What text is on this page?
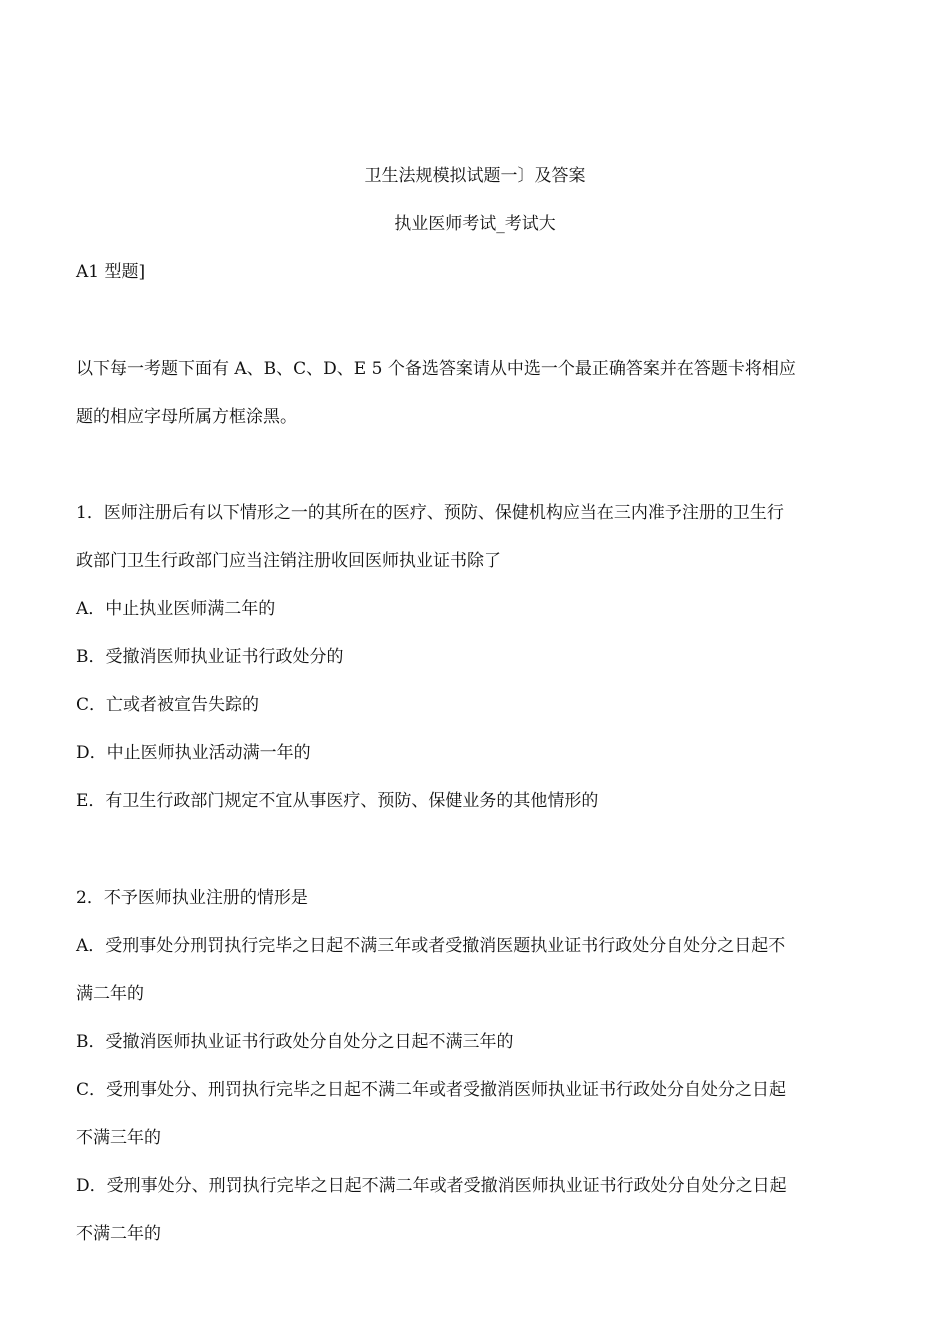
卫生法规模拟试题一〕及答案
执业医师考试_考试大
A1 型题]
以下每一考题下面有 A、B、C、D、E 5 个备选答案请从中选一个最正确答案并在答题卡将相应
题的相应字母所属方框涂黑。
1．医师注册后有以下情形之一的其所在的医疗、预防、保健机构应当在三内准予注册的卫生行
政部门卫生行政部门应当注销注册收回医师执业证书除了
A．中止执业医师满二年的
B．受撤消医师执业证书行政处分的
C．亡或者被宣告失踪的
D．中止医师执业活动满一年的
E．有卫生行政部门规定不宜从事医疗、预防、保健业务的其他情形的
2．不予医师执业注册的情形是
A．受刑事处分刑罚执行完毕之日起不满三年或者受撤消医题执业证书行政处分自处分之日起不
满二年的
B．受撤消医师执业证书行政处分自处分之日起不满三年的
C．受刑事处分、刑罚执行完毕之日起不满二年或者受撤消医师执业证书行政处分自处分之日起
不满三年的
D．受刑事处分、刑罚执行完毕之日起不满二年或者受撤消医师执业证书行政处分自处分之日起
不满二年的
